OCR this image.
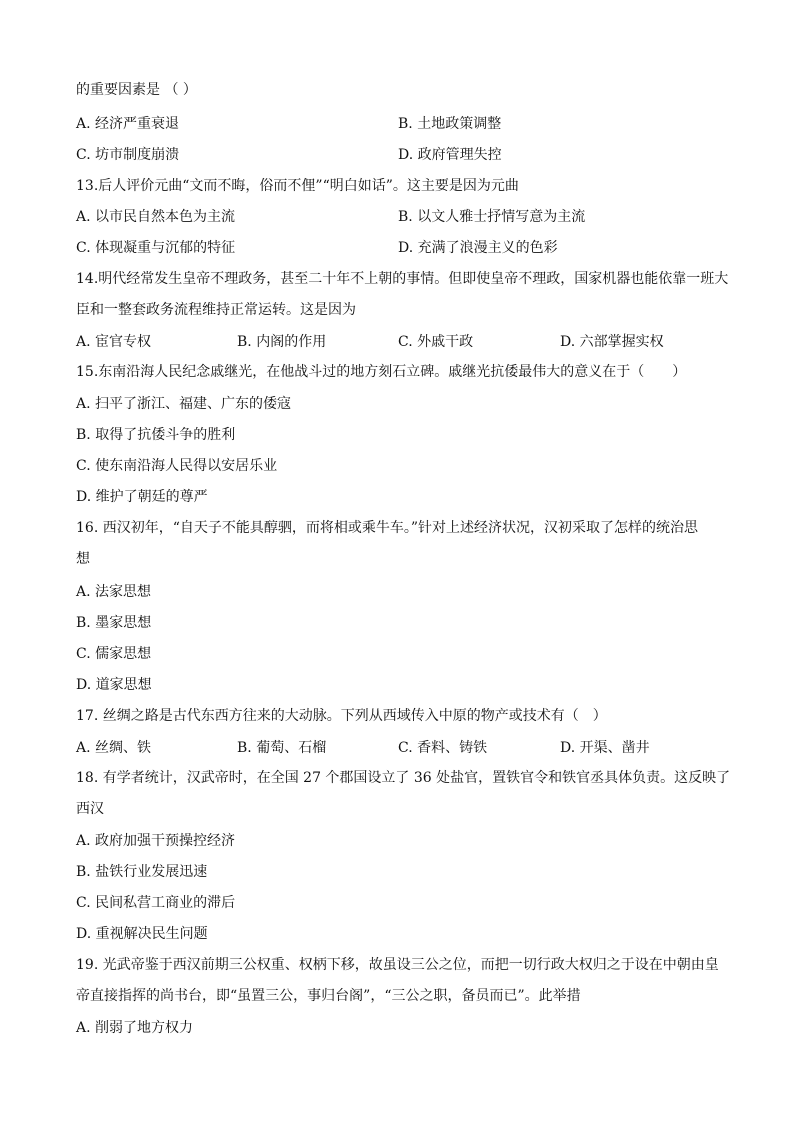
的重要因素是 （ ）
A. 经济严重衰退	B. 土地政策调整
C. 坊市制度崩溃	D. 政府管理失控
13.后人评价元曲“文而不晦，俗而不俚”“明白如话”。这主要是因为元曲
A. 以市民自然本色为主流	B. 以文人雅士抒情写意为主流
C. 体现凝重与沉郁的特征	D. 充满了浪漫主义的色彩
14.明代经常发生皇帝不理政务，甚至二十年不上朝的事情。但即使皇帝不理政，国家机器也能依靠一班大
臣和一整套政务流程维持正常运转。这是因为
A. 宦官专权	B. 内阁的作用	C. 外戚干政	D. 六部掌握实权
15.东南沿海人民纪念戚继光，在他战斗过的地方刻石立碑。戚继光抗倭最伟大的意义在于（　　）
A. 扫平了浙江、福建、广东的倭寇
B. 取得了抗倭斗争的胜利
C. 使东南沿海人民得以安居乐业
D. 维护了朝廷的尊严
16. 西汉初年，“自天子不能具醇驷，而将相或乘牛车。”针对上述经济状况，汉初采取了怎样的统治思
想
A. 法家思想
B. 墨家思想
C. 儒家思想
D. 道家思想
17. 丝绸之路是古代东西方往来的大动脉。下列从西域传入中原的物产或技术有（　）
A. 丝绸、铁	B. 葡萄、石榴	C. 香料、铸铁	D. 开渠、凿井
18. 有学者统计，汉武帝时，在全国 27 个郡国设立了 36 处盐官，置铁官令和铁官丞具体负责。这反映了
西汉
A. 政府加强干预操控经济
B. 盐铁行业发展迅速
C. 民间私营工商业的滞后
D. 重视解决民生问题
19. 光武帝鉴于西汉前期三公权重、权柄下移，故虽设三公之位，而把一切行政大权归之于设在中朝由皇
帝直接指挥的尚书台，即“虽置三公，事归台阁”，“三公之职，备员而已”。此举措
A. 削弱了地方权力
